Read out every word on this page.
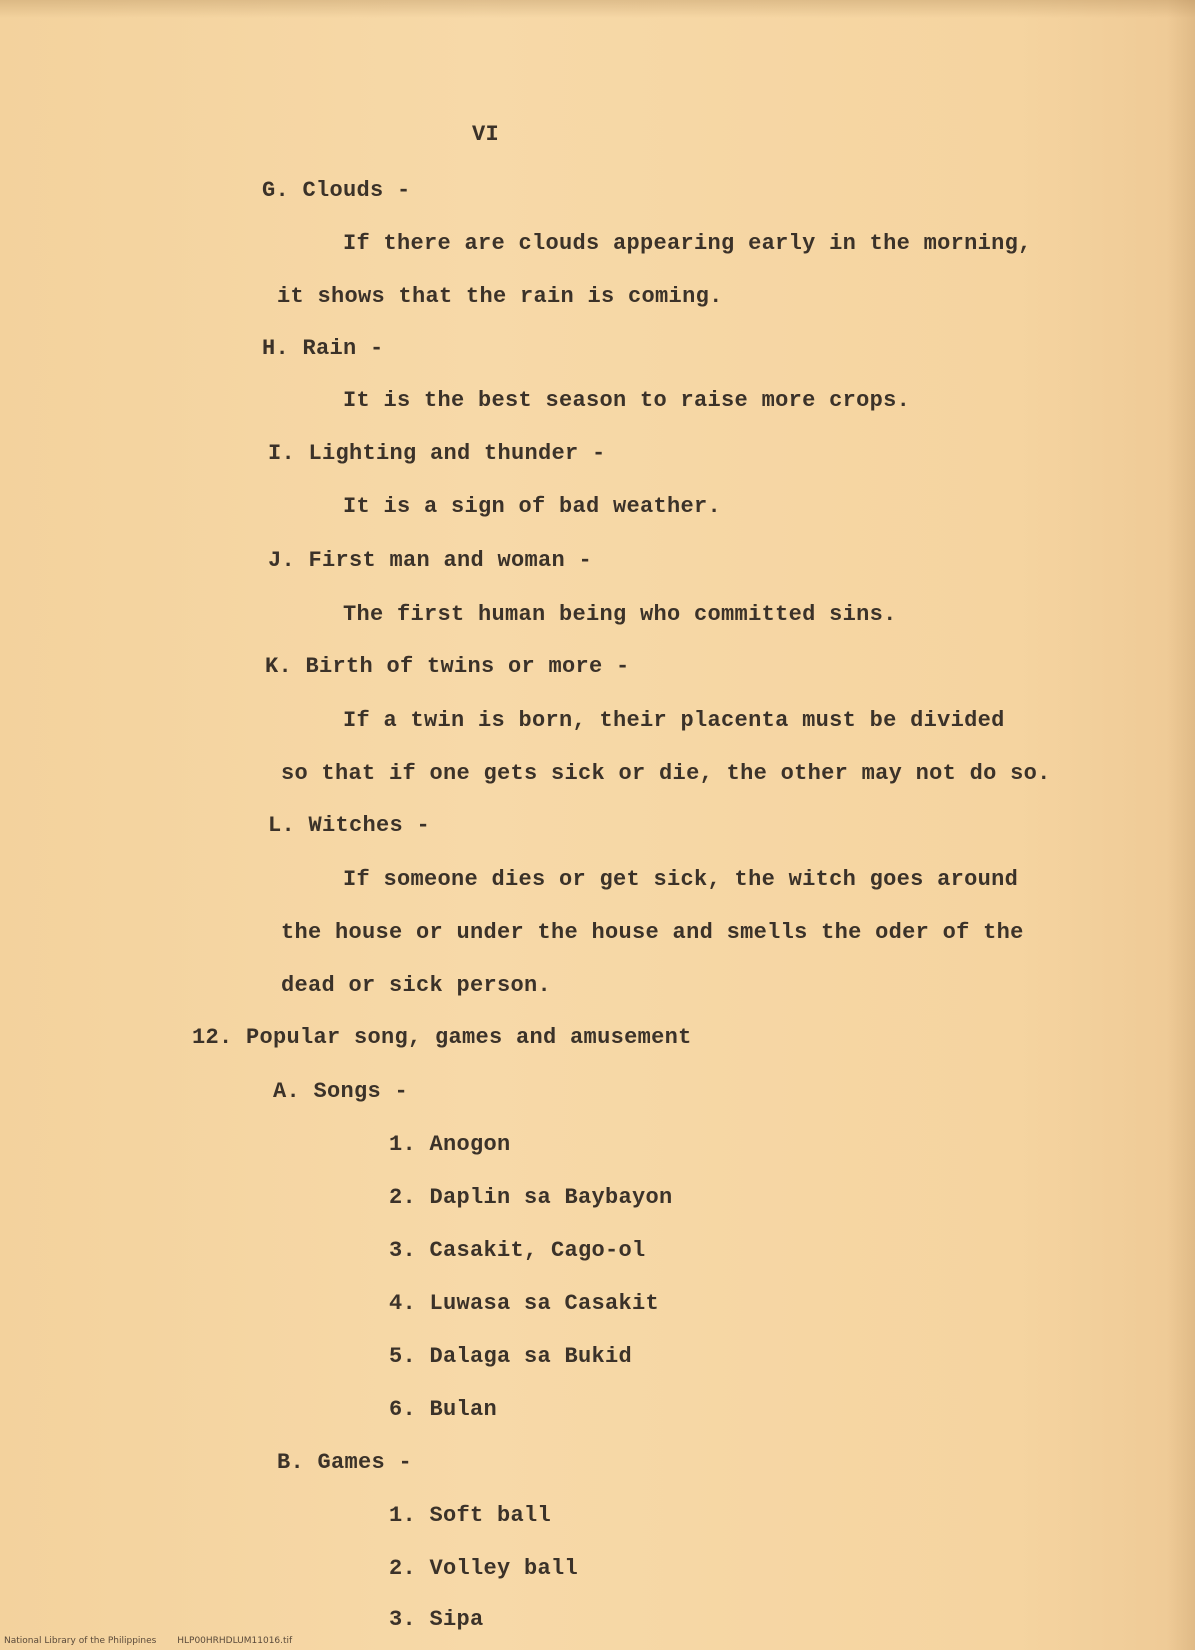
VI
G. Clouds -
If there are clouds appearing early in the morning,
it shows that the rain is coming.
H. Rain -
It is the best season to raise more crops.
I. Lighting and thunder -
It is a sign of bad weather.
J. First man and woman -
The first human being who committed sins.
K. Birth of twins or more -
If a twin is born, their placenta must be divided
so that if one gets sick or die, the other may not do so.
L. Witches -
If someone dies or get sick, the witch goes around
the house or under the house and smells the oder of the
dead or sick person.
12. Popular song, games and amusement
A. Songs -
1. Anogon
2. Daplin sa Baybayon
3. Casakit, Cago-ol
4. Luwasa sa Casakit
5. Dalaga sa Bukid
6. Bulan
B. Games -
1. Soft ball
2. Volley ball
3. Sipa
National Library of the Philippines HLP00HRHDLUM11016.tif
